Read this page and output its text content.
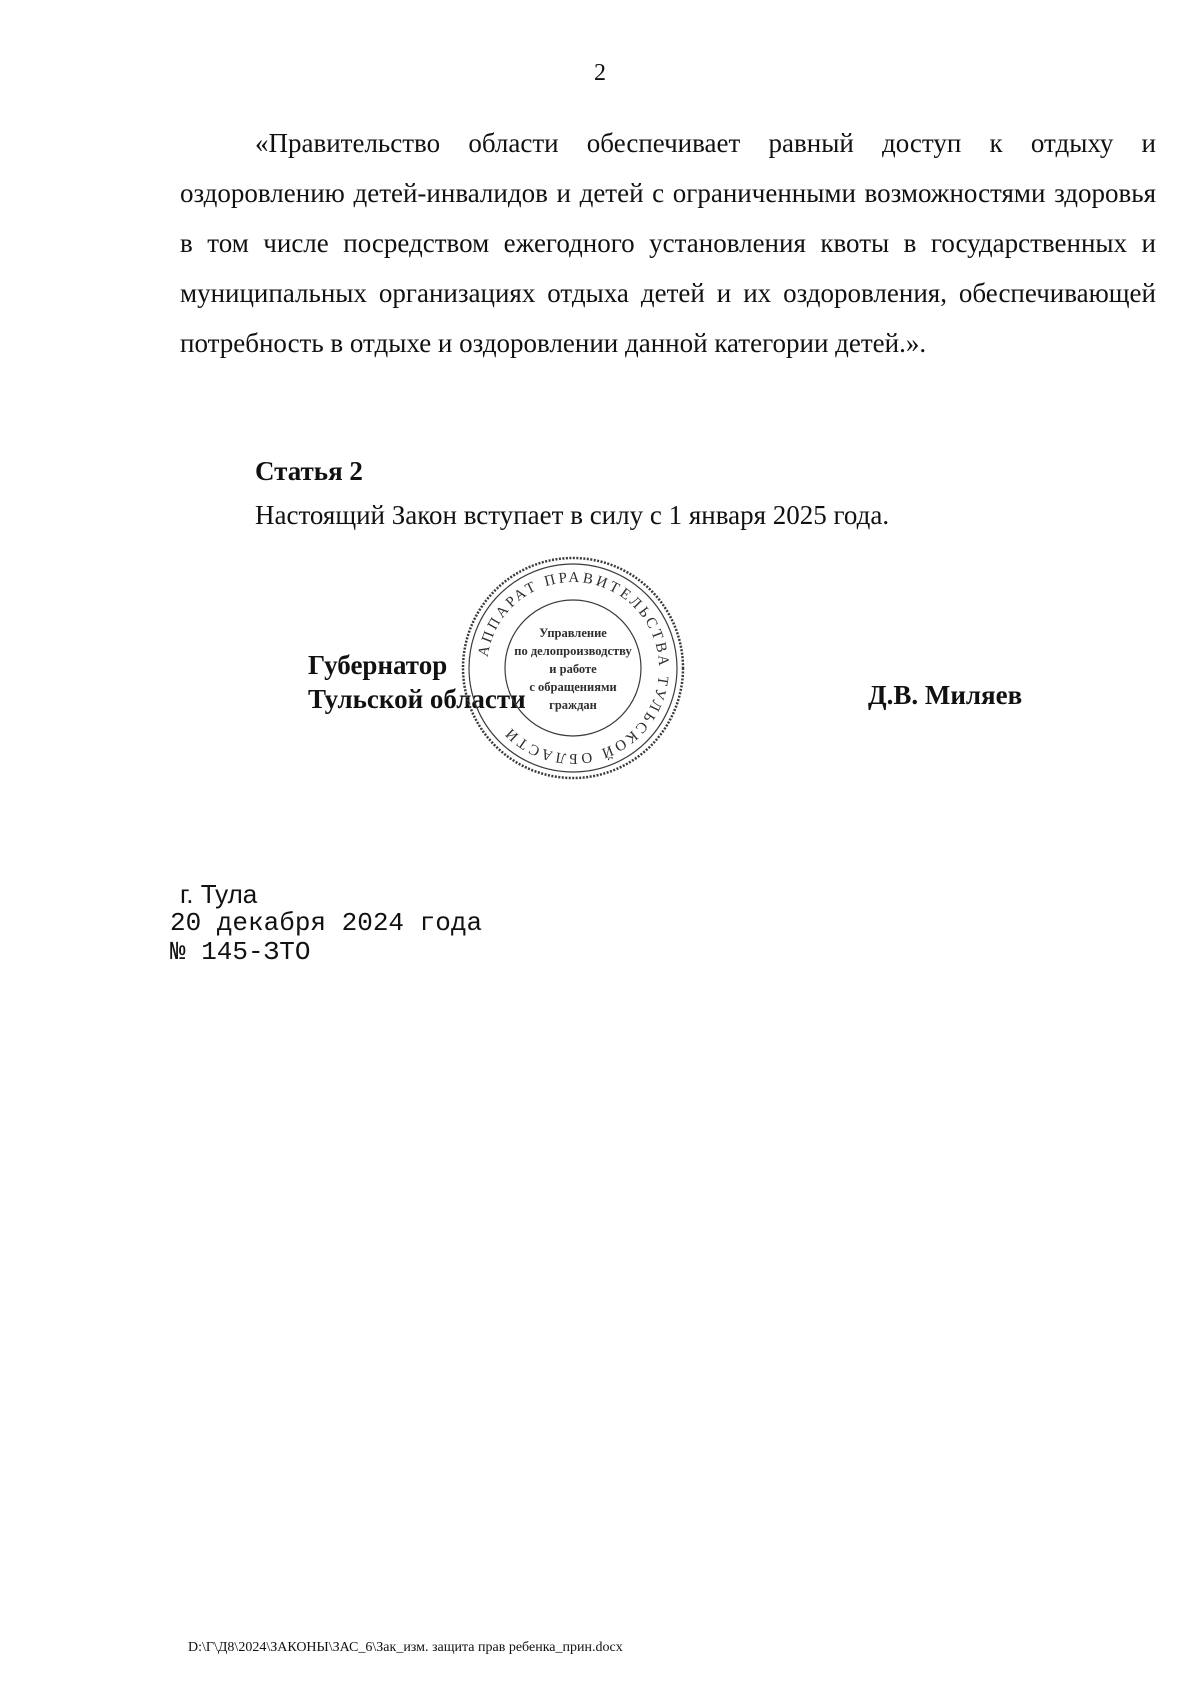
2

«Правительство области обеспечивает равный доступ к отдыху и оздоровлению детей-инвалидов и детей с ограниченными возможностями здоровья в том числе посредством ежегодного установления квоты в государственных и муниципальных организациях отдыха детей и их оздоровления, обеспечивающей потребность в отдыхе и оздоровлении данной категории детей.».

Статья 2

Настоящий Закон вступает в силу с 1 января 2025 года.

Губернатор
Тульской области
АППАРАТ ПРАВИТЕЛЬСТВА ТУЛЬСКОЙ ОБЛАСТИ
Управление
по делопроизводству
и работе
с обращениями
граждан	Д.В. Миляев
г. Тула
20 декабря 2024 года
№ 145-ЗТО
D:\Г\Д8\2024\ЗАКОНЫ\ЗАС_6\Зак_изм. защита прав ребенка_прин.docx
